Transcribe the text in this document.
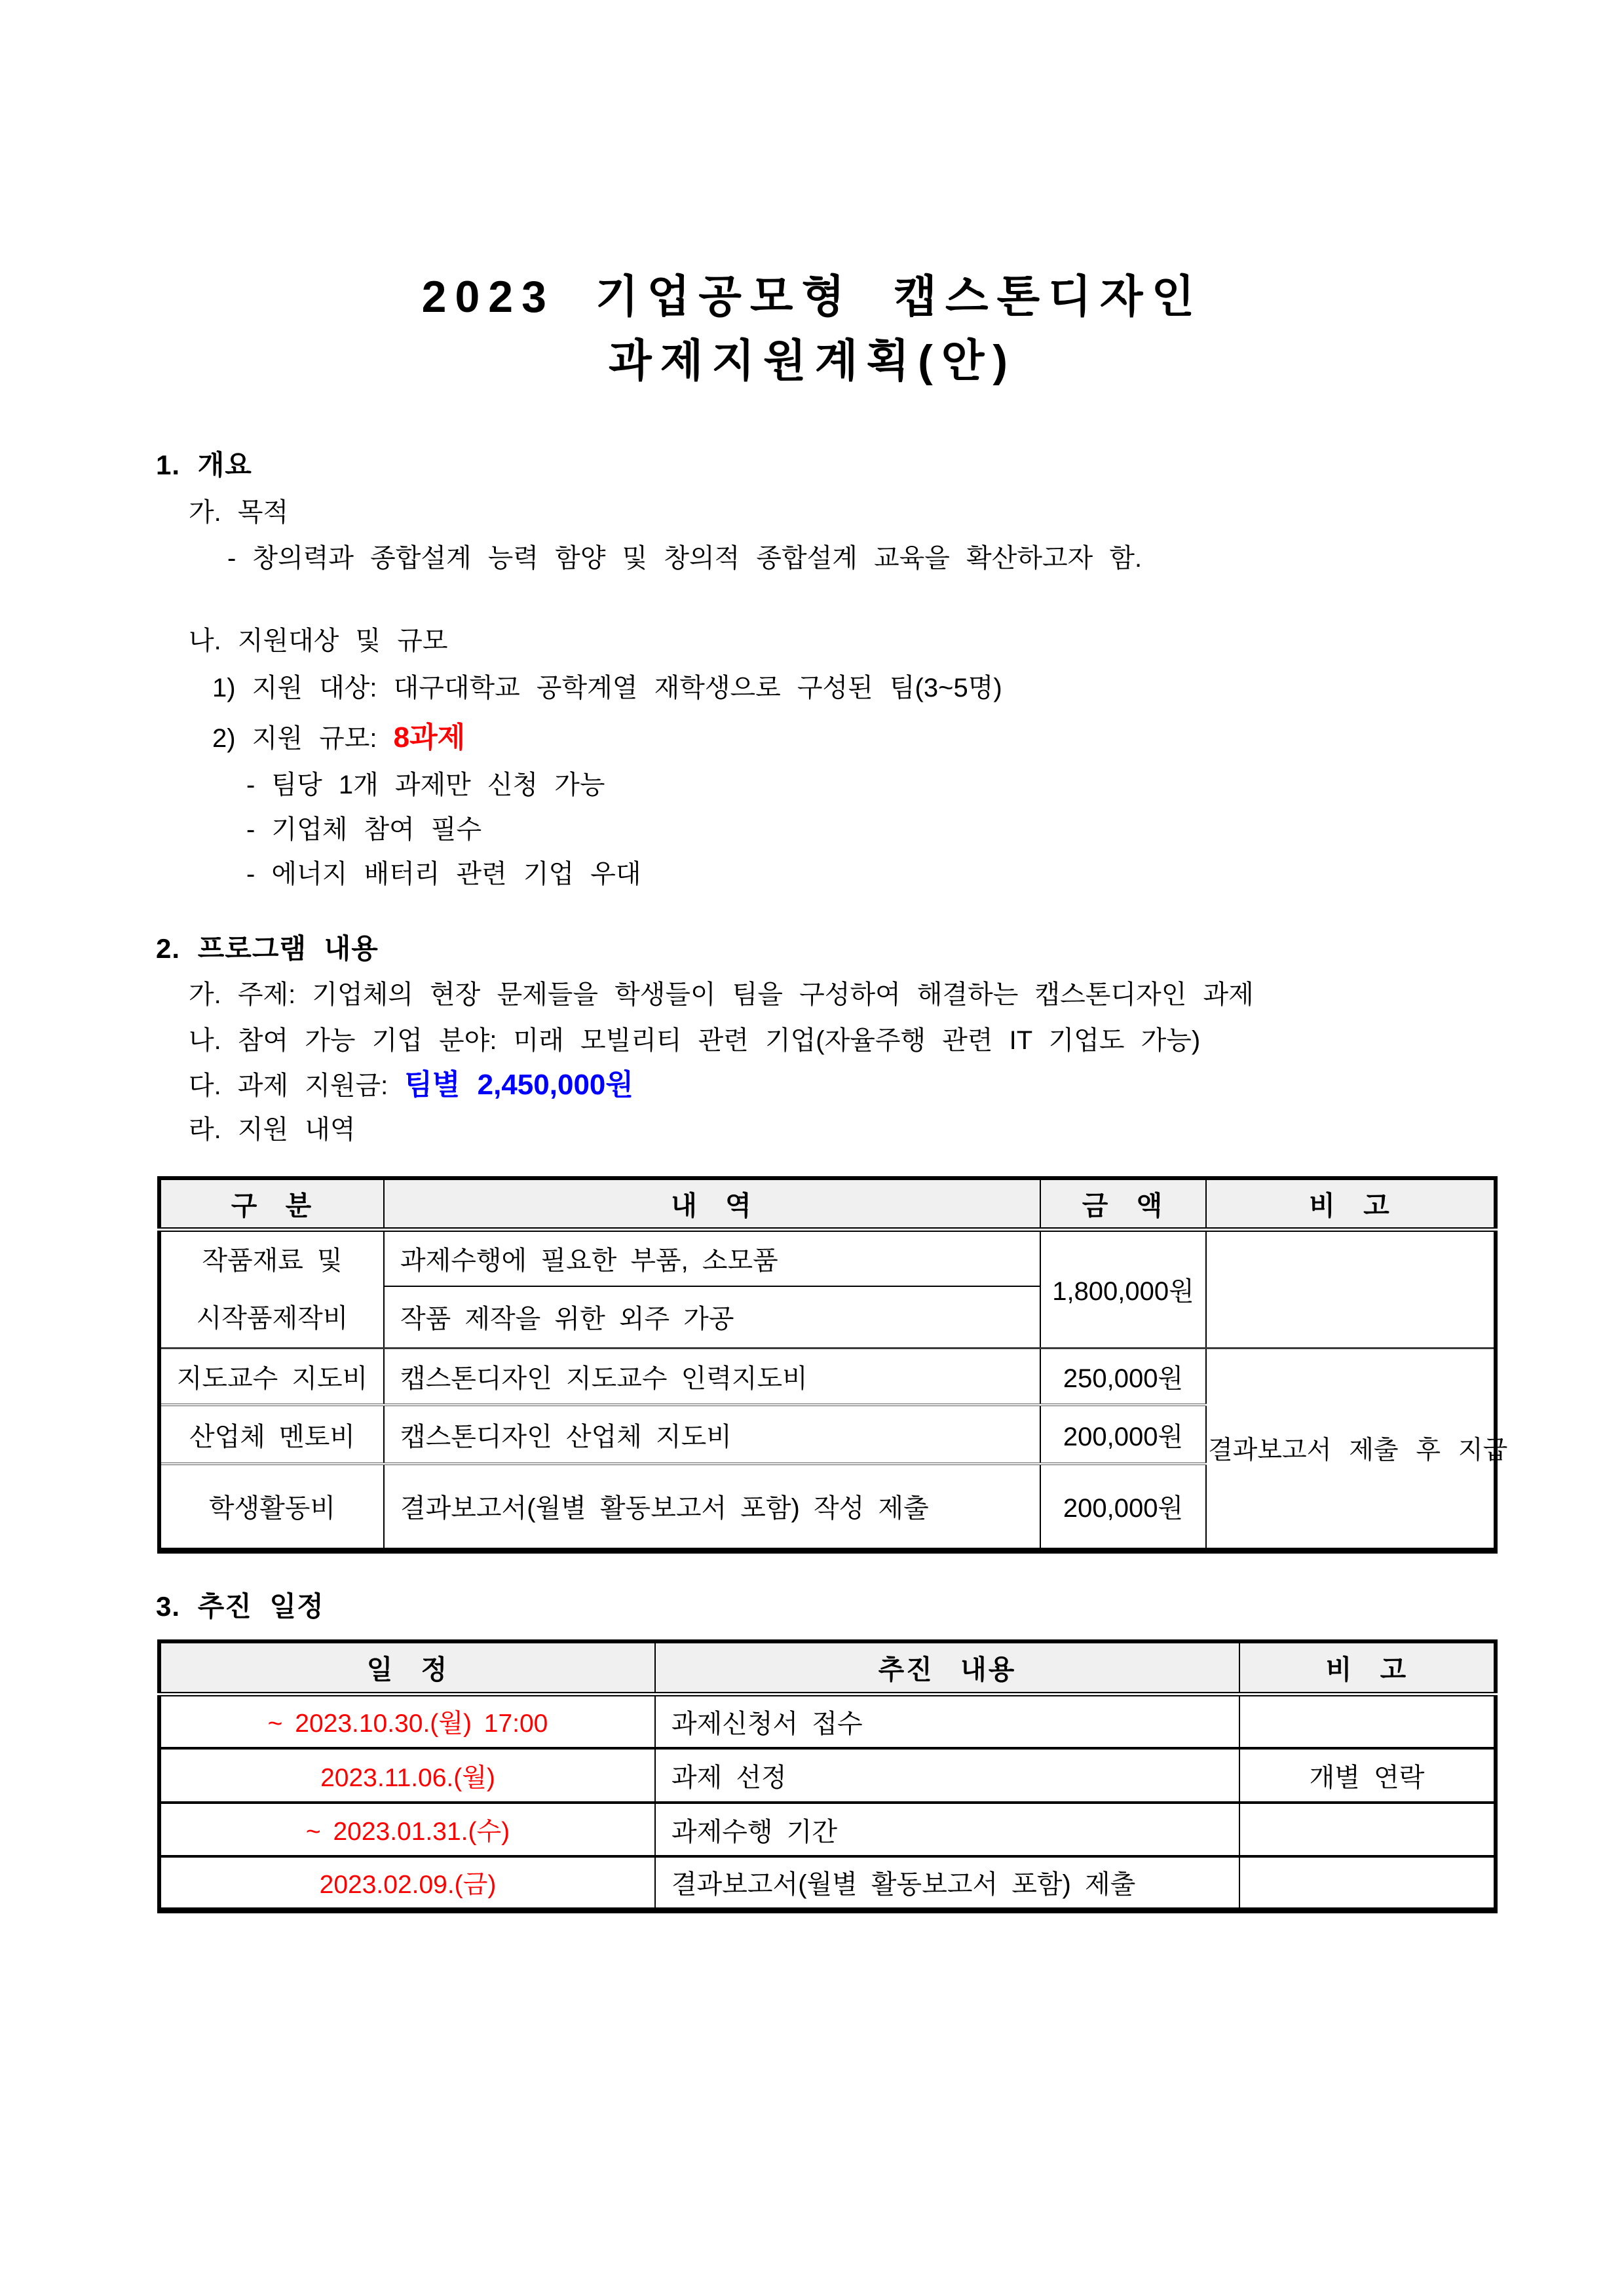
2023 기업공모형 캡스톤디자인
과제지원계획(안)
1. 개요
가. 목적
- 창의력과 종합설계 능력 함양 및 창의적 종합설계 교육을 확산하고자 함.
나. 지원대상 및 규모
1) 지원 대상: 대구대학교 공학계열 재학생으로 구성된 팀(3~5명)
2) 지원 규모: 8과제
- 팀당 1개 과제만 신청 가능
- 기업체 참여 필수
- 에너지 배터리 관련 기업 우대
2. 프로그램 내용
가. 주제: 기업체의 현장 문제들을 학생들이 팀을 구성하여 해결하는 캡스톤디자인 과제
나. 참여 가능 기업 분야: 미래 모빌리티 관련 기업(자율주행 관련 IT 기업도 가능)
다. 과제 지원금: 팀별 2,450,000원
라. 지원 내역
구 분	내 역	금 액	비 고

작품재료 및
시작품제작비	과제수행에 필요한 부품, 소모품	1,800,000원	
	작품 제작을 위한 외주 가공		
지도교수 지도비	캡스톤디자인 지도교수 인력지도비	250,000원	결과보고서 제출 후 지급
산업체 멘토비	캡스톤디자인 산업체 지도비	200,000원	
학생활동비	결과보고서(월별 활동보고서 포함) 작성 제출	200,000원	
3. 추진 일정
일 정	추진 내용	비 고
~ 2023.10.30.(월) 17:00	과제신청서 접수	
2023.11.06.(월)	과제 선정	개별 연락
~ 2023.01.31.(수)	과제수행 기간	
2023.02.09.(금)	결과보고서(월별 활동보고서 포함) 제출	
